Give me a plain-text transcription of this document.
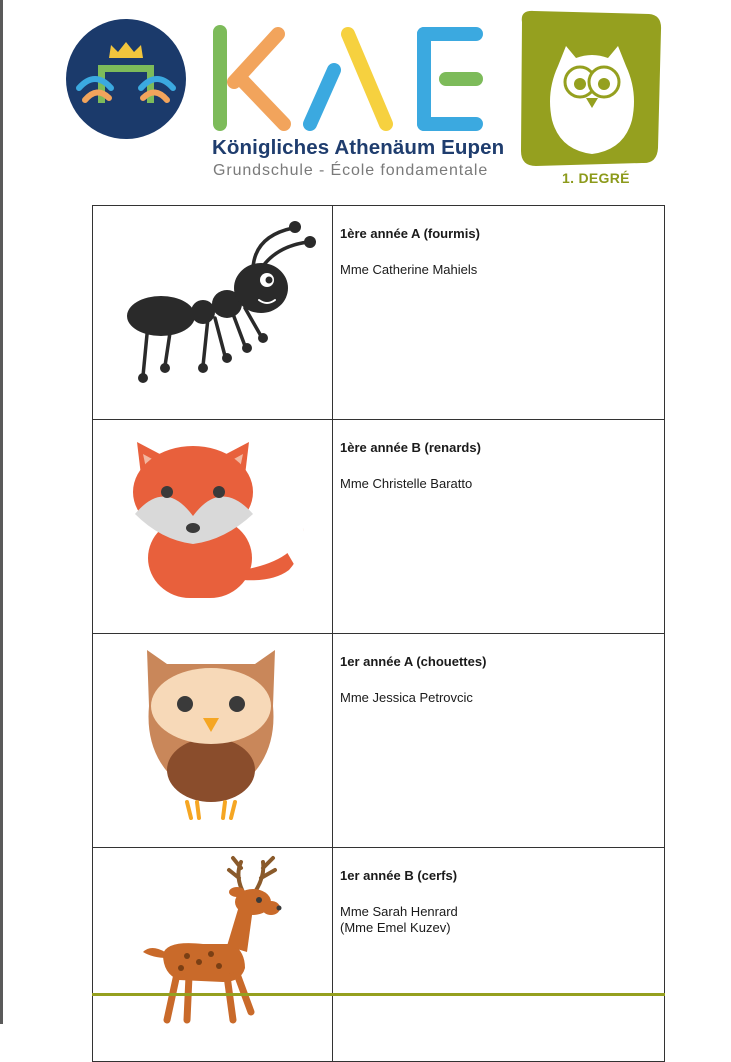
Königliches Athenäum Eupen
Grundschule - École fondamentale	1. DEGRÉ

1ère année A (fourmis)
Mme Catherine Mahiels

1ère année B (renards)
Mme Christelle Baratto

1er année A (chouettes)
Mme Jessica Petrovcic

1er année B (cerfs)
Mme Sarah Henrard
(Mme Emel Kuzev)
